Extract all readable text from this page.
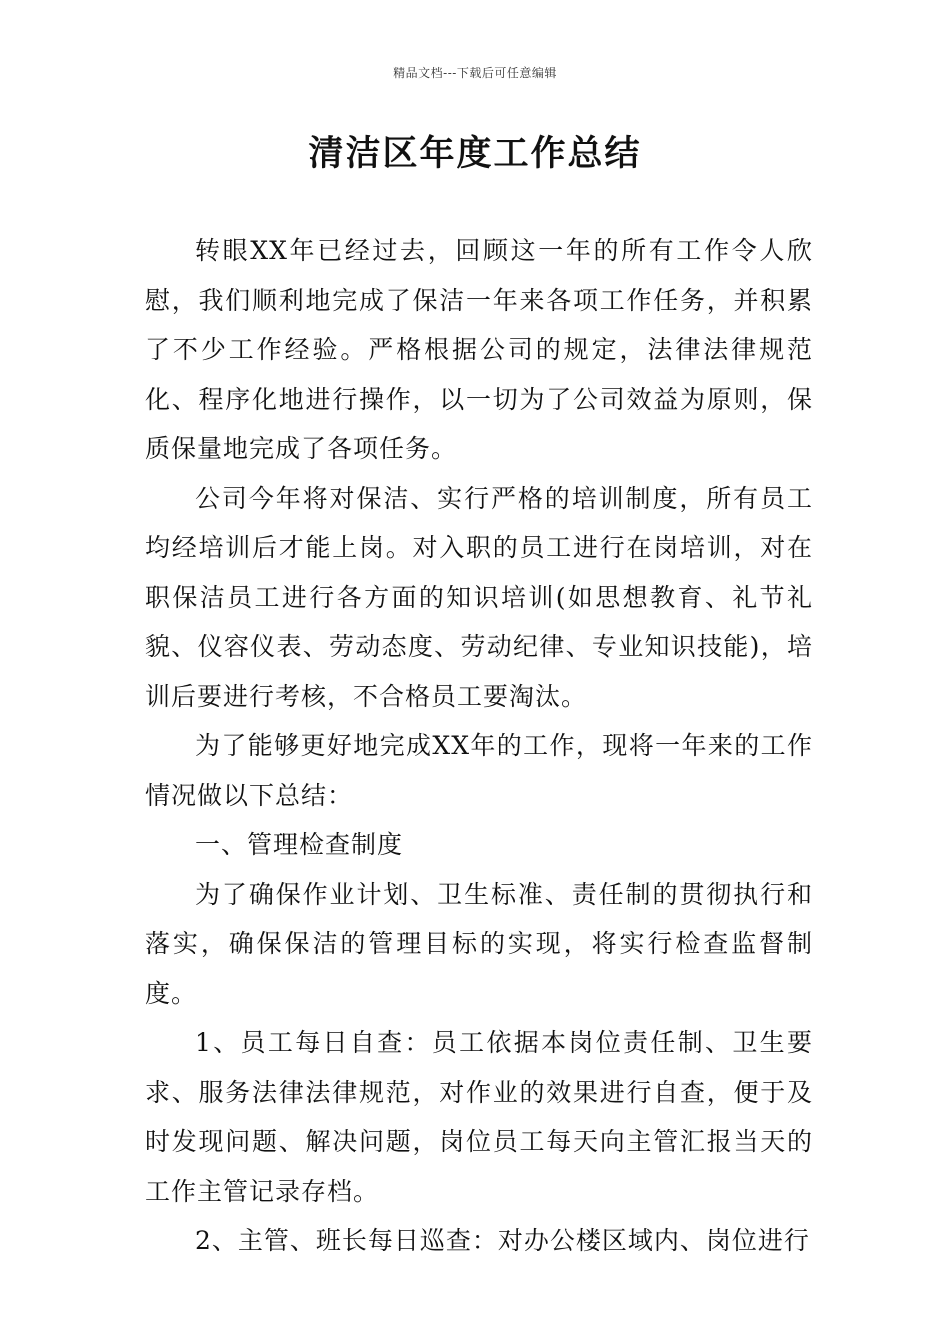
精品文档---下载后可任意编辑
清洁区年度工作总结

转眼XX年已经过去，回顾这一年的所有工作令人欣慰，我们顺利地完成了保洁一年来各项工作任务，并积累了不少工作经验。严格根据公司的规定，法律法律规范化、程序化地进行操作，以一切为了公司效益为原则，保质保量地完成了各项任务。

公司今年将对保洁、实行严格的培训制度，所有员工均经培训后才能上岗。对入职的员工进行在岗培训，对在职保洁员工进行各方面的知识培训(如思想教育、礼节礼貌、仪容仪表、劳动态度、劳动纪律、专业知识技能)，培训后要进行考核，不合格员工要淘汰。

为了能够更好地完成XX年的工作，现将一年来的工作情况做以下总结：

一、管理检查制度

为了确保作业计划、卫生标准、责任制的贯彻执行和落实，确保保洁的管理目标的实现，将实行检查监督制度。

1、员工每日自查：员工依据本岗位责任制、卫生要求、服务法律法律规范，对作业的效果进行自查，便于及时发现问题、解决问题，岗位员工每天向主管汇报当天的工作主管记录存档。

2、主管、班长每日巡查：对办公楼区域内、岗位进行
